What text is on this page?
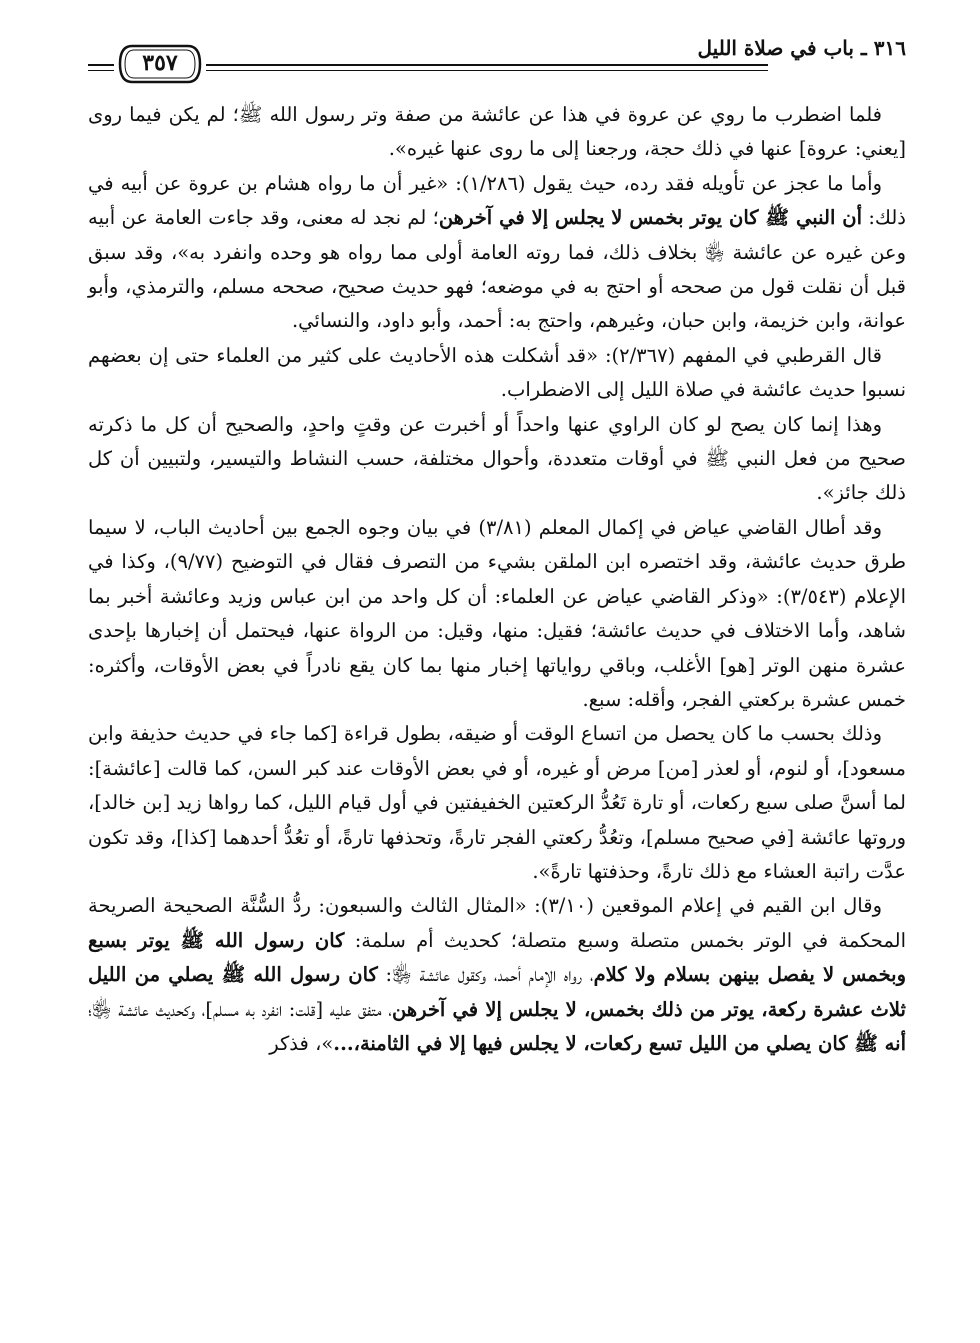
٣١٦ ـ باب في صلاة الليل
٣٥٧

فلما اضطرب ما روي عن عروة في هذا عن عائشة من صفة وتر رسول الله ﷺ؛ لم يكن فيما روى [يعني: عروة] عنها في ذلك حجة، ورجعنا إلى ما روى عنها غيره».

وأما ما عجز عن تأويله فقد رده، حيث يقول (١/٢٨٦): «غير أن ما رواه هشام بن عروة عن أبيه في ذلك: أن النبي ﷺ كان يوتر بخمس لا يجلس إلا في آخرهن؛ لم نجد له معنى، وقد جاءت العامة عن أبيه وعن غيره عن عائشة ﵂ بخلاف ذلك، فما روته العامة أولى مما رواه هو وحده وانفرد به»، وقد سبق قبل أن نقلت قول من صححه أو احتج به في موضعه؛ فهو حديث صحيح، صححه مسلم، والترمذي، وأبو عوانة، وابن خزيمة، وابن حبان، وغيرهم، واحتج به: أحمد، وأبو داود، والنسائي.

قال القرطبي في المفهم (٢/٣٦٧): «قد أشكلت هذه الأحاديث على كثير من العلماء حتى إن بعضهم نسبوا حديث عائشة في صلاة الليل إلى الاضطراب.

وهذا إنما كان يصح لو كان الراوي عنها واحداً أو أخبرت عن وقتٍ واحدٍ، والصحيح أن كل ما ذكرته صحيح من فعل النبي ﷺ في أوقات متعددة، وأحوال مختلفة، حسب النشاط والتيسير، ولتبيين أن كل ذلك جائز».

وقد أطال القاضي عياض في إكمال المعلم (٣/٨١) في بيان وجوه الجمع بين أحاديث الباب، لا سيما طرق حديث عائشة، وقد اختصره ابن الملقن بشيء من التصرف فقال في التوضيح (٩/٧٧)، وكذا في الإعلام (٣/٥٤٣): «وذكر القاضي عياض عن العلماء: أن كل واحد من ابن عباس وزيد وعائشة أخبر بما شاهد، وأما الاختلاف في حديث عائشة؛ فقيل: منها، وقيل: من الرواة عنها، فيحتمل أن إخبارها بإحدى عشرة منهن الوتر [هو] الأغلب، وباقي رواياتها إخبار منها بما كان يقع نادراً في بعض الأوقات، وأكثره: خمس عشرة بركعتي الفجر، وأقله: سبع.

وذلك بحسب ما كان يحصل من اتساع الوقت أو ضيقه، بطول قراءة [كما جاء في حديث حذيفة وابن مسعود]، أو لنوم، أو لعذر [من] مرض أو غيره، أو في بعض الأوقات عند كبر السن، كما قالت [عائشة]: لما أسنَّ صلى سبع ركعات، أو تارة تَعُدُّ الركعتين الخفيفتين في أول قيام الليل، كما رواها زيد [بن خالد]، وروتها عائشة [في صحيح مسلم]، وتعُدُّ ركعتي الفجر تارةً، وتحذفها تارةً، أو تعُدُّ أحدهما [كذا]، وقد تكون عدَّت راتبة العشاء مع ذلك تارةً، وحذفتها تارةً».

وقال ابن القيم في إعلام الموقعين (٣/١٠): «المثال الثالث والسبعون: ردُّ السُّنَّة الصحيحة الصريحة المحكمة في الوتر بخمس متصلة وسبع متصلة؛ كحديث أم سلمة: كان رسول الله ﷺ يوتر بسبع وبخمس لا يفصل بينهن بسلام ولا كلام، رواه الإمام أحمد، وكقول عائشة ﵂: كان رسول الله ﷺ يصلي من الليل ثلاث عشرة ركعة، يوتر من ذلك بخمس، لا يجلس إلا في آخرهن، متفق عليه [قلت: انفرد به مسلم]، وكحديث عائشة ﵂؛ أنه ﷺ كان يصلي من الليل تسع ركعات، لا يجلس فيها إلا في الثامنة،...»، فذكر
